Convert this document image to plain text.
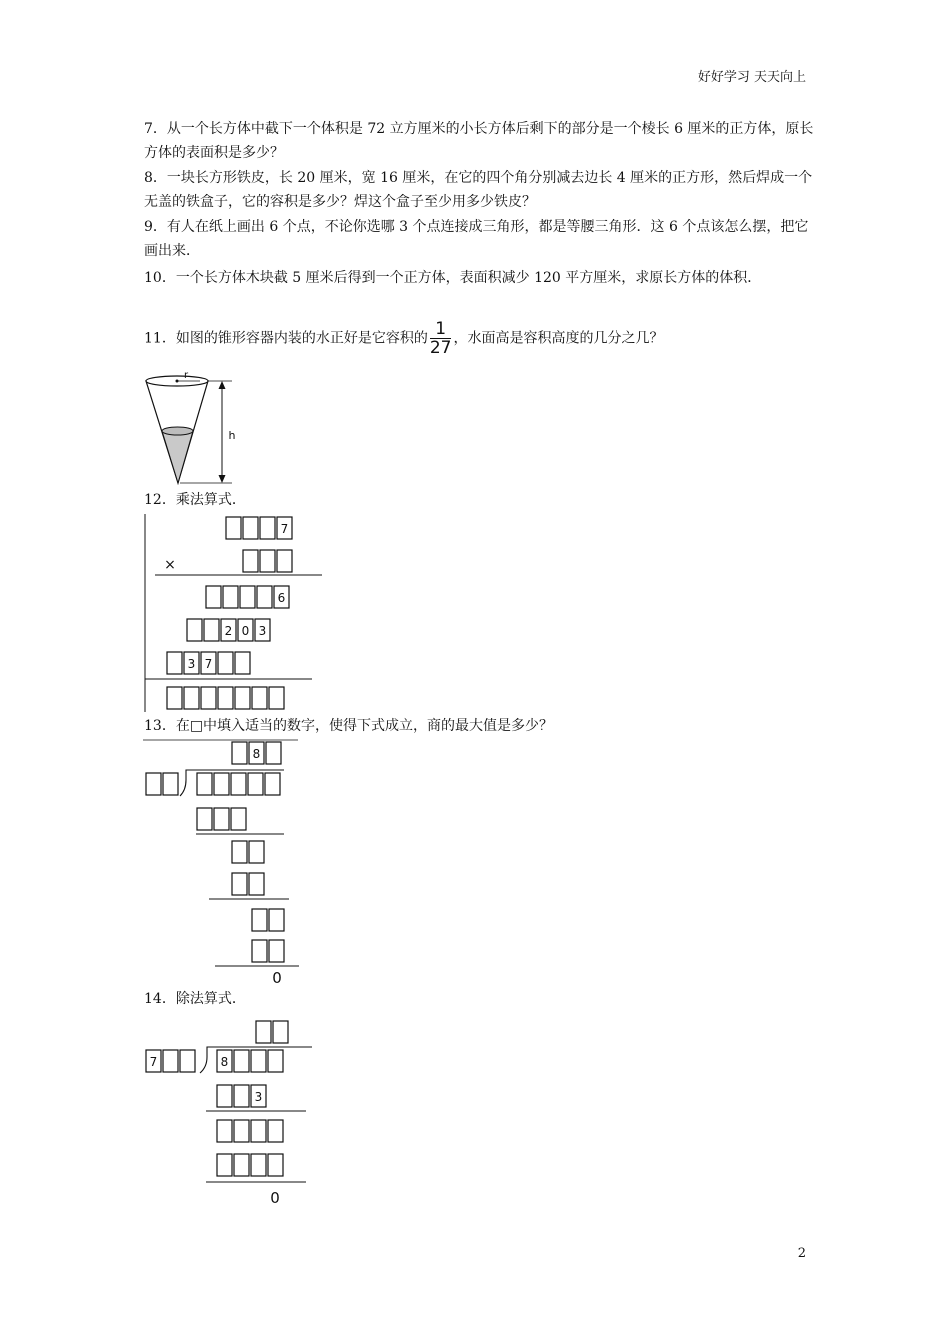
好好学习 天天向上
7．从一个长方体中截下一个体积是 72 立方厘米的小长方体后剩下的部分是一个棱长 6 厘米的正方体，原长方体的表面积是多少？
8．一块长方形铁皮，长 20 厘米，宽 16 厘米，在它的四个角分别减去边长 4 厘米的正方形，然后焊成一个无盖的铁盒子，它的容积是多少？焊这个盒子至少用多少铁皮？
9．有人在纸上画出 6 个点，不论你选哪 3 个点连接成三角形，都是等腰三角形．这 6 个点该怎么摆，把它画出来．
10．一个长方体木块截 5 厘米后得到一个正方体，表面积减少 120 平方厘米，求原长方体的体积．
11．如图的锥形容器内装的水正好是它容积的 $\frac{1}{27}$ ，水面高是容积高度的几分之几？
12．乘法算式．
13．在□中填入适当的数字，使得下式成立，商的最大值是多少？
14．除法算式．
2
r
h
7
×
6
2 0 3
3 7
8
0
7	8
3
0
